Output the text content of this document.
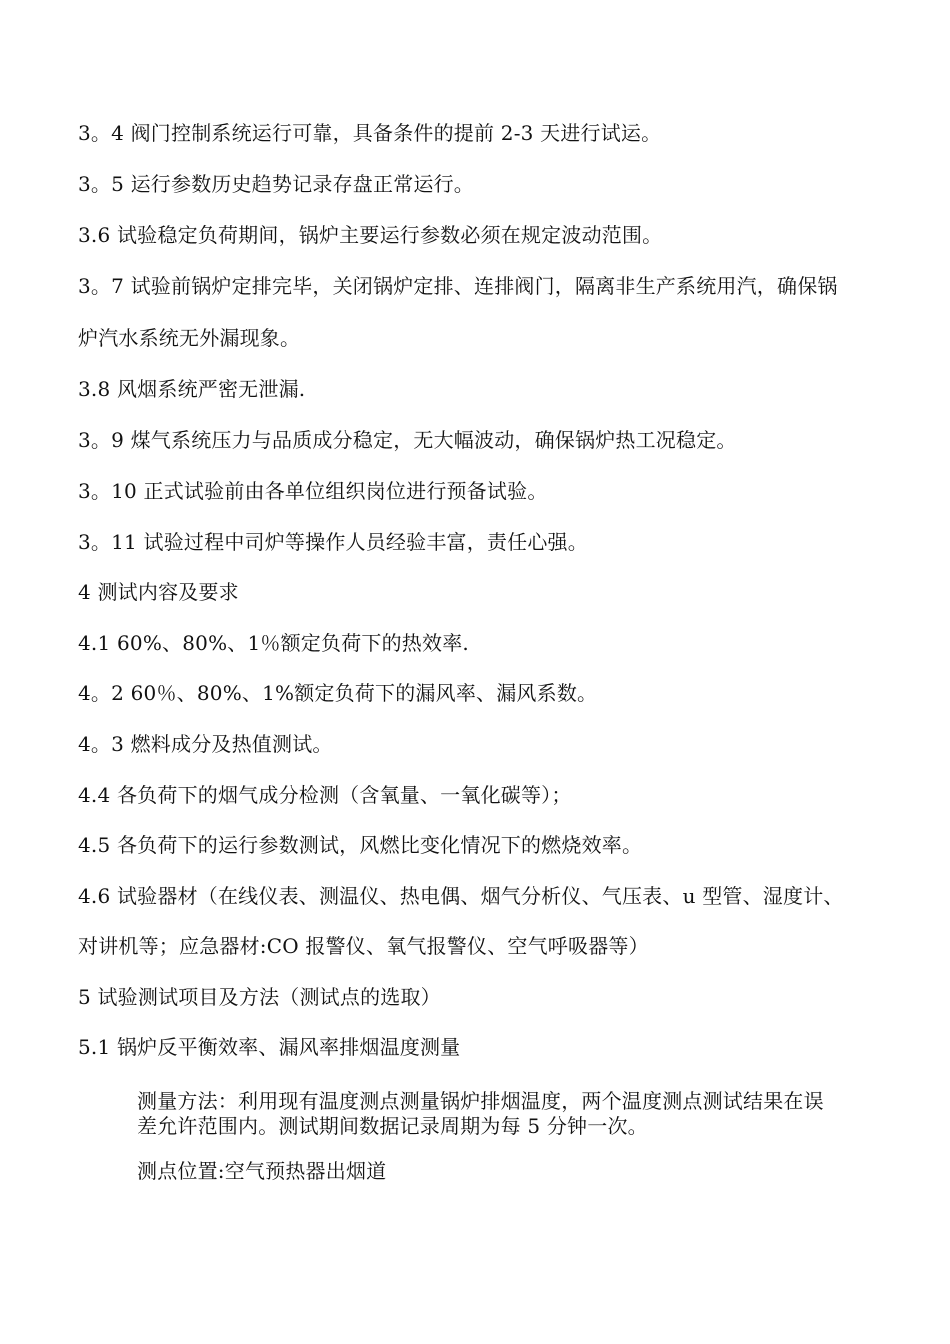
3。4 阀门控制系统运行可靠，具备条件的提前 2-3 天进行试运。
3。5 运行参数历史趋势记录存盘正常运行。
3.6 试验稳定负荷期间，锅炉主要运行参数必须在规定波动范围。
3。7 试验前锅炉定排完毕，关闭锅炉定排、连排阀门，隔离非生产系统用汽，确保锅
炉汽水系统无外漏现象。
3.8 风烟系统严密无泄漏.
3。9 煤气系统压力与品质成分稳定，无大幅波动，确保锅炉热工况稳定。
3。10 正式试验前由各单位组织岗位进行预备试验。
3。11 试验过程中司炉等操作人员经验丰富，责任心强。
4 测试内容及要求
4.1 60%、80%、1％额定负荷下的热效率.
4。2 60％、80%、1%额定负荷下的漏风率、漏风系数。
4。3 燃料成分及热值测试。
4.4 各负荷下的烟气成分检测（含氧量、一氧化碳等）；
4.5 各负荷下的运行参数测试，风燃比变化情况下的燃烧效率。
4.6 试验器材（在线仪表、测温仪、热电偶、烟气分析仪、气压表、u 型管、湿度计、
对讲机等；应急器材:CO 报警仪、氧气报警仪、空气呼吸器等）
5 试验测试项目及方法（测试点的选取）
5.1 锅炉反平衡效率、漏风率排烟温度测量
测量方法：利用现有温度测点测量锅炉排烟温度，两个温度测点测试结果在误
差允许范围内。测试期间数据记录周期为每 5 分钟一次。
测点位置:空气预热器出烟道
